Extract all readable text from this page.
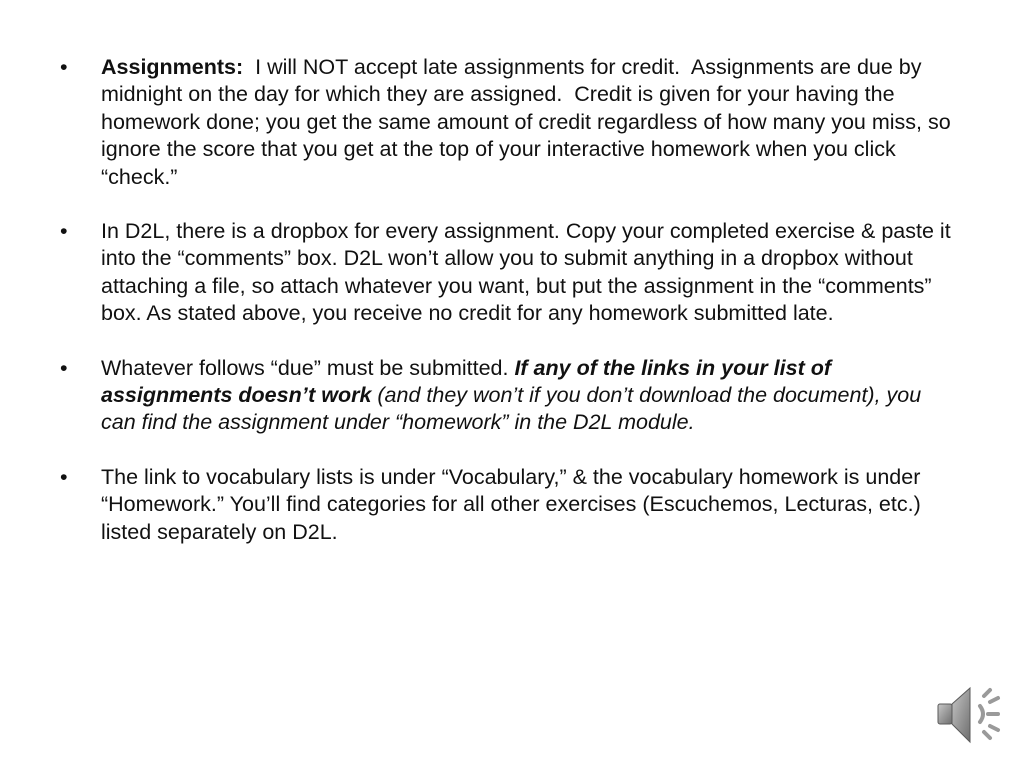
•	Assignments:  I will NOT accept late assignments for credit.  Assignments are due by midnight on the day for which they are assigned.  Credit is given for your having the homework done; you get the same amount of credit regardless of how many you miss, so ignore the score that you get at the top of your interactive homework when you click “check.”
•	In D2L, there is a dropbox for every assignment. Copy your completed exercise & paste it into the “comments” box. D2L won’t allow you to submit anything in a dropbox without attaching a file, so attach whatever you want, but put the assignment in the “comments” box. As stated above, you receive no credit for any homework submitted late.
•	Whatever follows “due” must be submitted. If any of the links in your list of assignments doesn’t work (and they won’t if you don’t download the document), you can find the assignment under “homework” in the D2L module.
•	The link to vocabulary lists is under “Vocabulary,” & the vocabulary homework is under “Homework.” You’ll find categories for all other exercises (Escuchemos, Lecturas, etc.) listed separately on D2L.
